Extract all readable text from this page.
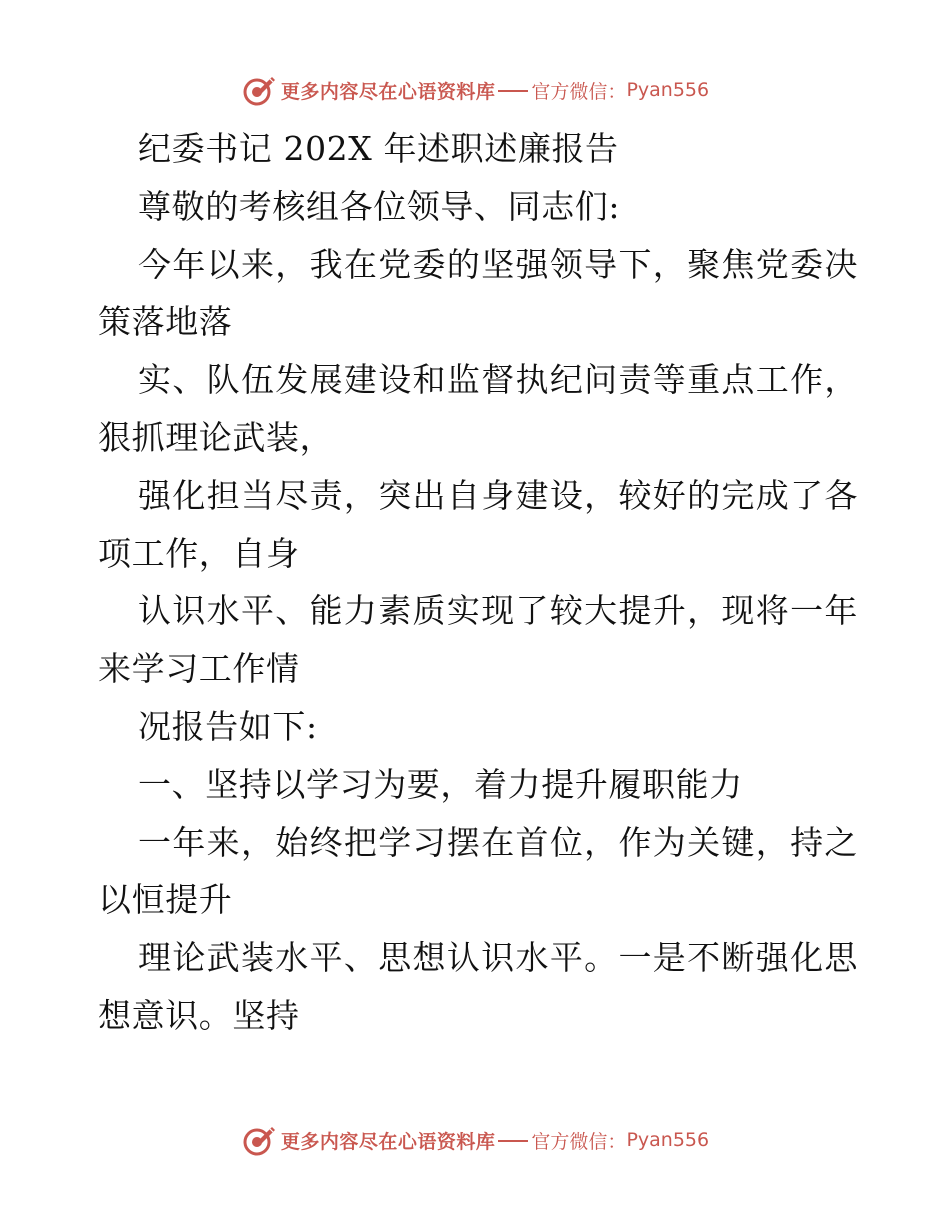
更多内容尽在心语资料库 官方微信： Pyan556
纪委书记 202X 年述职述廉报告
尊敬的考核组各位领导、同志们:
今年以来，我在党委的坚强领导下，聚焦党委决
策落地落
实、队伍发展建设和监督执纪问责等重点工作，
狠抓理论武装，
强化担当尽责，突出自身建设，较好的完成了各
项工作，自身
认识水平、能力素质实现了较大提升，现将一年
来学习工作情
况报告如下:
一、坚持以学习为要，着力提升履职能力
一年来，始终把学习摆在首位，作为关键，持之
以恒提升
理论武装水平、思想认识水平。一是不断强化思
想意识。坚持
更多内容尽在心语资料库 官方微信： Pyan556
